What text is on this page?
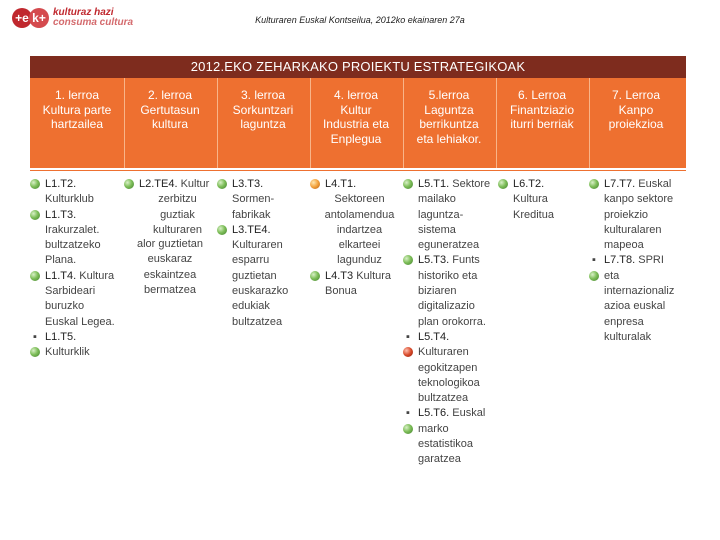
+e k+ kulturaz hazi
consuma cultura	Kulturaren Euskal Kontseilua, 2012ko ekainaren 27a
2012.EKO ZEHARKAKO PROIEKTU ESTRATEGIKOAK
1. lerroa
Kultura parte
hartzailea
2. lerroa
Gertutasun
kultura
3. lerroa
Sorkuntzari
laguntza
4. lerroa
Kultur
Industria eta
Enplegua
5.lerroa
Laguntza
berrikuntza
eta lehiakor.
6. Lerroa
Finantziazio
iturri berriak
7. Lerroa
Kanpo
proiekzioa
L1.T2.
Kulturklub
L1.T3.
Irakurzalet.
bultzatzeko
Plana.
L1.T4. Kultura
Sarbideari
buruzko
Euskal Legea.
▪ L1.T5.
Kulturklik
L2.TE4. Kultur
zerbitzu
guztiak
kulturaren
alor guztietan
euskaraz
eskaintzea
bermatzea
L3.T3.
Sormen-
fabrikak
L3.TE4.
Kulturaren
esparru
guztietan
euskarazko
edukiak
bultzatzea
L4.T1.
Sektoreen
antolamendua
indartzea
elkarteei
lagunduz
L4.T3 Kultura
Bonua
L5.T1. Sektore
mailako
laguntza-
sistema
eguneratzea
L5.T3. Funts
historiko eta
biziaren
digitalizazio
plan orokorra.
▪ L5.T4.
Kulturaren
egokitzapen
teknologikoa
bultzatzea
▪ L5.T6. Euskal
marko
estatistikoa
garatzea
L6.T2.
Kultura
Kreditua
L7.T7. Euskal
kanpo sektore
proiekzio
kulturalaren
mapeoa
▪ L7.T8. SPRI
eta
internazionaliz
azioa euskal
enpresa
kulturalak
